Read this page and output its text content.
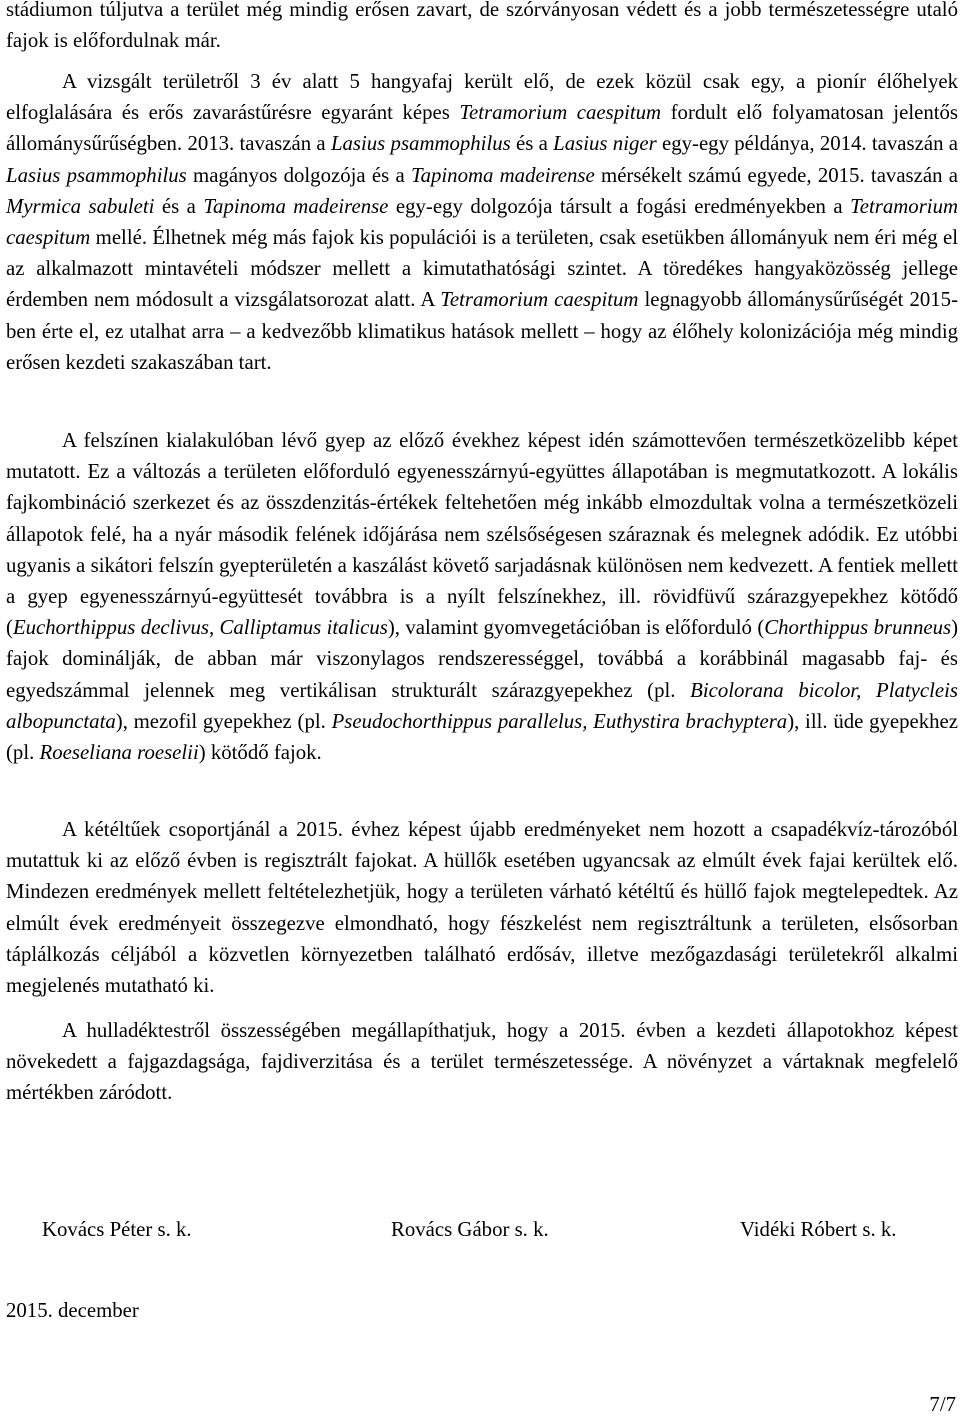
stádiumon túljutva a terület még mindig erősen zavart, de szórványosan védett és a jobb természetességre utaló fajok is előfordulnak már.

A vizsgált területről 3 év alatt 5 hangyafaj került elő, de ezek közül csak egy, a pionír élőhelyek elfoglalására és erős zavarástűrésre egyaránt képes Tetramorium caespitum fordult elő folyamatosan jelentős állománysűrűségben. 2013. tavaszán a Lasius psammophilus és a Lasius niger egy-egy példánya, 2014. tavaszán a Lasius psammophilus magányos dolgozója és a Tapinoma madeirense mérsékelt számú egyede, 2015. tavaszán a Myrmica sabuleti és a Tapinoma madeirense egy-egy dolgozója társult a fogási eredményekben a Tetramorium caespitum mellé. Élhetnek még más fajok kis populációi is a területen, csak esetükben állományuk nem éri még el az alkalmazott mintavételi módszer mellett a kimutathatósági szintet. A töredékes hangyaközösség jellege érdemben nem módosult a vizsgálatsorozat alatt. A Tetramorium caespitum legnagyobb állománysűrűségét 2015-ben érte el, ez utalhat arra – a kedvezőbb klimatikus hatások mellett – hogy az élőhely kolonizációja még mindig erősen kezdeti szakaszában tart.

A felszínen kialakulóban lévő gyep az előző évekhez képest idén számottevően természetközelibb képet mutatott. Ez a változás a területen előforduló egyenesszárnyú-együttes állapotában is megmutatkozott. A lokális fajkombináció szerkezet és az összdenzitás-értékek feltehetően még inkább elmozdultak volna a természetközeli állapotok felé, ha a nyár második felének időjárása nem szélsőségesen száraznak és melegnek adódik. Ez utóbbi ugyanis a sikátori felszín gyepterületén a kaszálást követő sarjadásnak különösen nem kedvezett. A fentiek mellett a gyep egyenesszárnyú-együttesét továbbra is a nyílt felszínekhez, ill. rövidfüvű szárazgyepekhez kötődő (Euchorthippus declivus, Calliptamus italicus), valamint gyomvegetációban is előforduló (Chorthippus brunneus) fajok dominálják, de abban már viszonylagos rendszerességgel, továbbá a korábbinál magasabb faj- és egyedszámmal jelennek meg vertikálisan strukturált szárazgyepekhez (pl. Bicolorana bicolor, Platycleis albopunctata), mezofil gyepekhez (pl. Pseudochorthippus parallelus, Euthystira brachyptera), ill. üde gyepekhez (pl. Roeseliana roeselii) kötődő fajok.

A kétéltűek csoportjánál a 2015. évhez képest újabb eredményeket nem hozott a csapadékvíz-tározóból mutattuk ki az előző évben is regisztrált fajokat. A hüllők esetében ugyancsak az elmúlt évek fajai kerültek elő. Mindezen eredmények mellett feltételezhetjük, hogy a területen várható kétéltű és hüllő fajok megtelepedtek. Az elmúlt évek eredményeit összegezve elmondható, hogy fészkelést nem regisztráltunk a területen, elsősorban táplálkozás céljából a közvetlen környezetben található erdősáv, illetve mezőgazdasági területekről alkalmi megjelenés mutatható ki.

A hulladéktestről összességében megállapíthatjuk, hogy a 2015. évben a kezdeti állapotokhoz képest növekedett a fajgazdagsága, fajdiverzitása és a terület természetessége. A növényzet a vártaknak megfelelő mértékben záródott.

Kovács Péter s. k.	Rovács Gábor s. k.	Vidéki Róbert s. k.
2015. december
7/7
